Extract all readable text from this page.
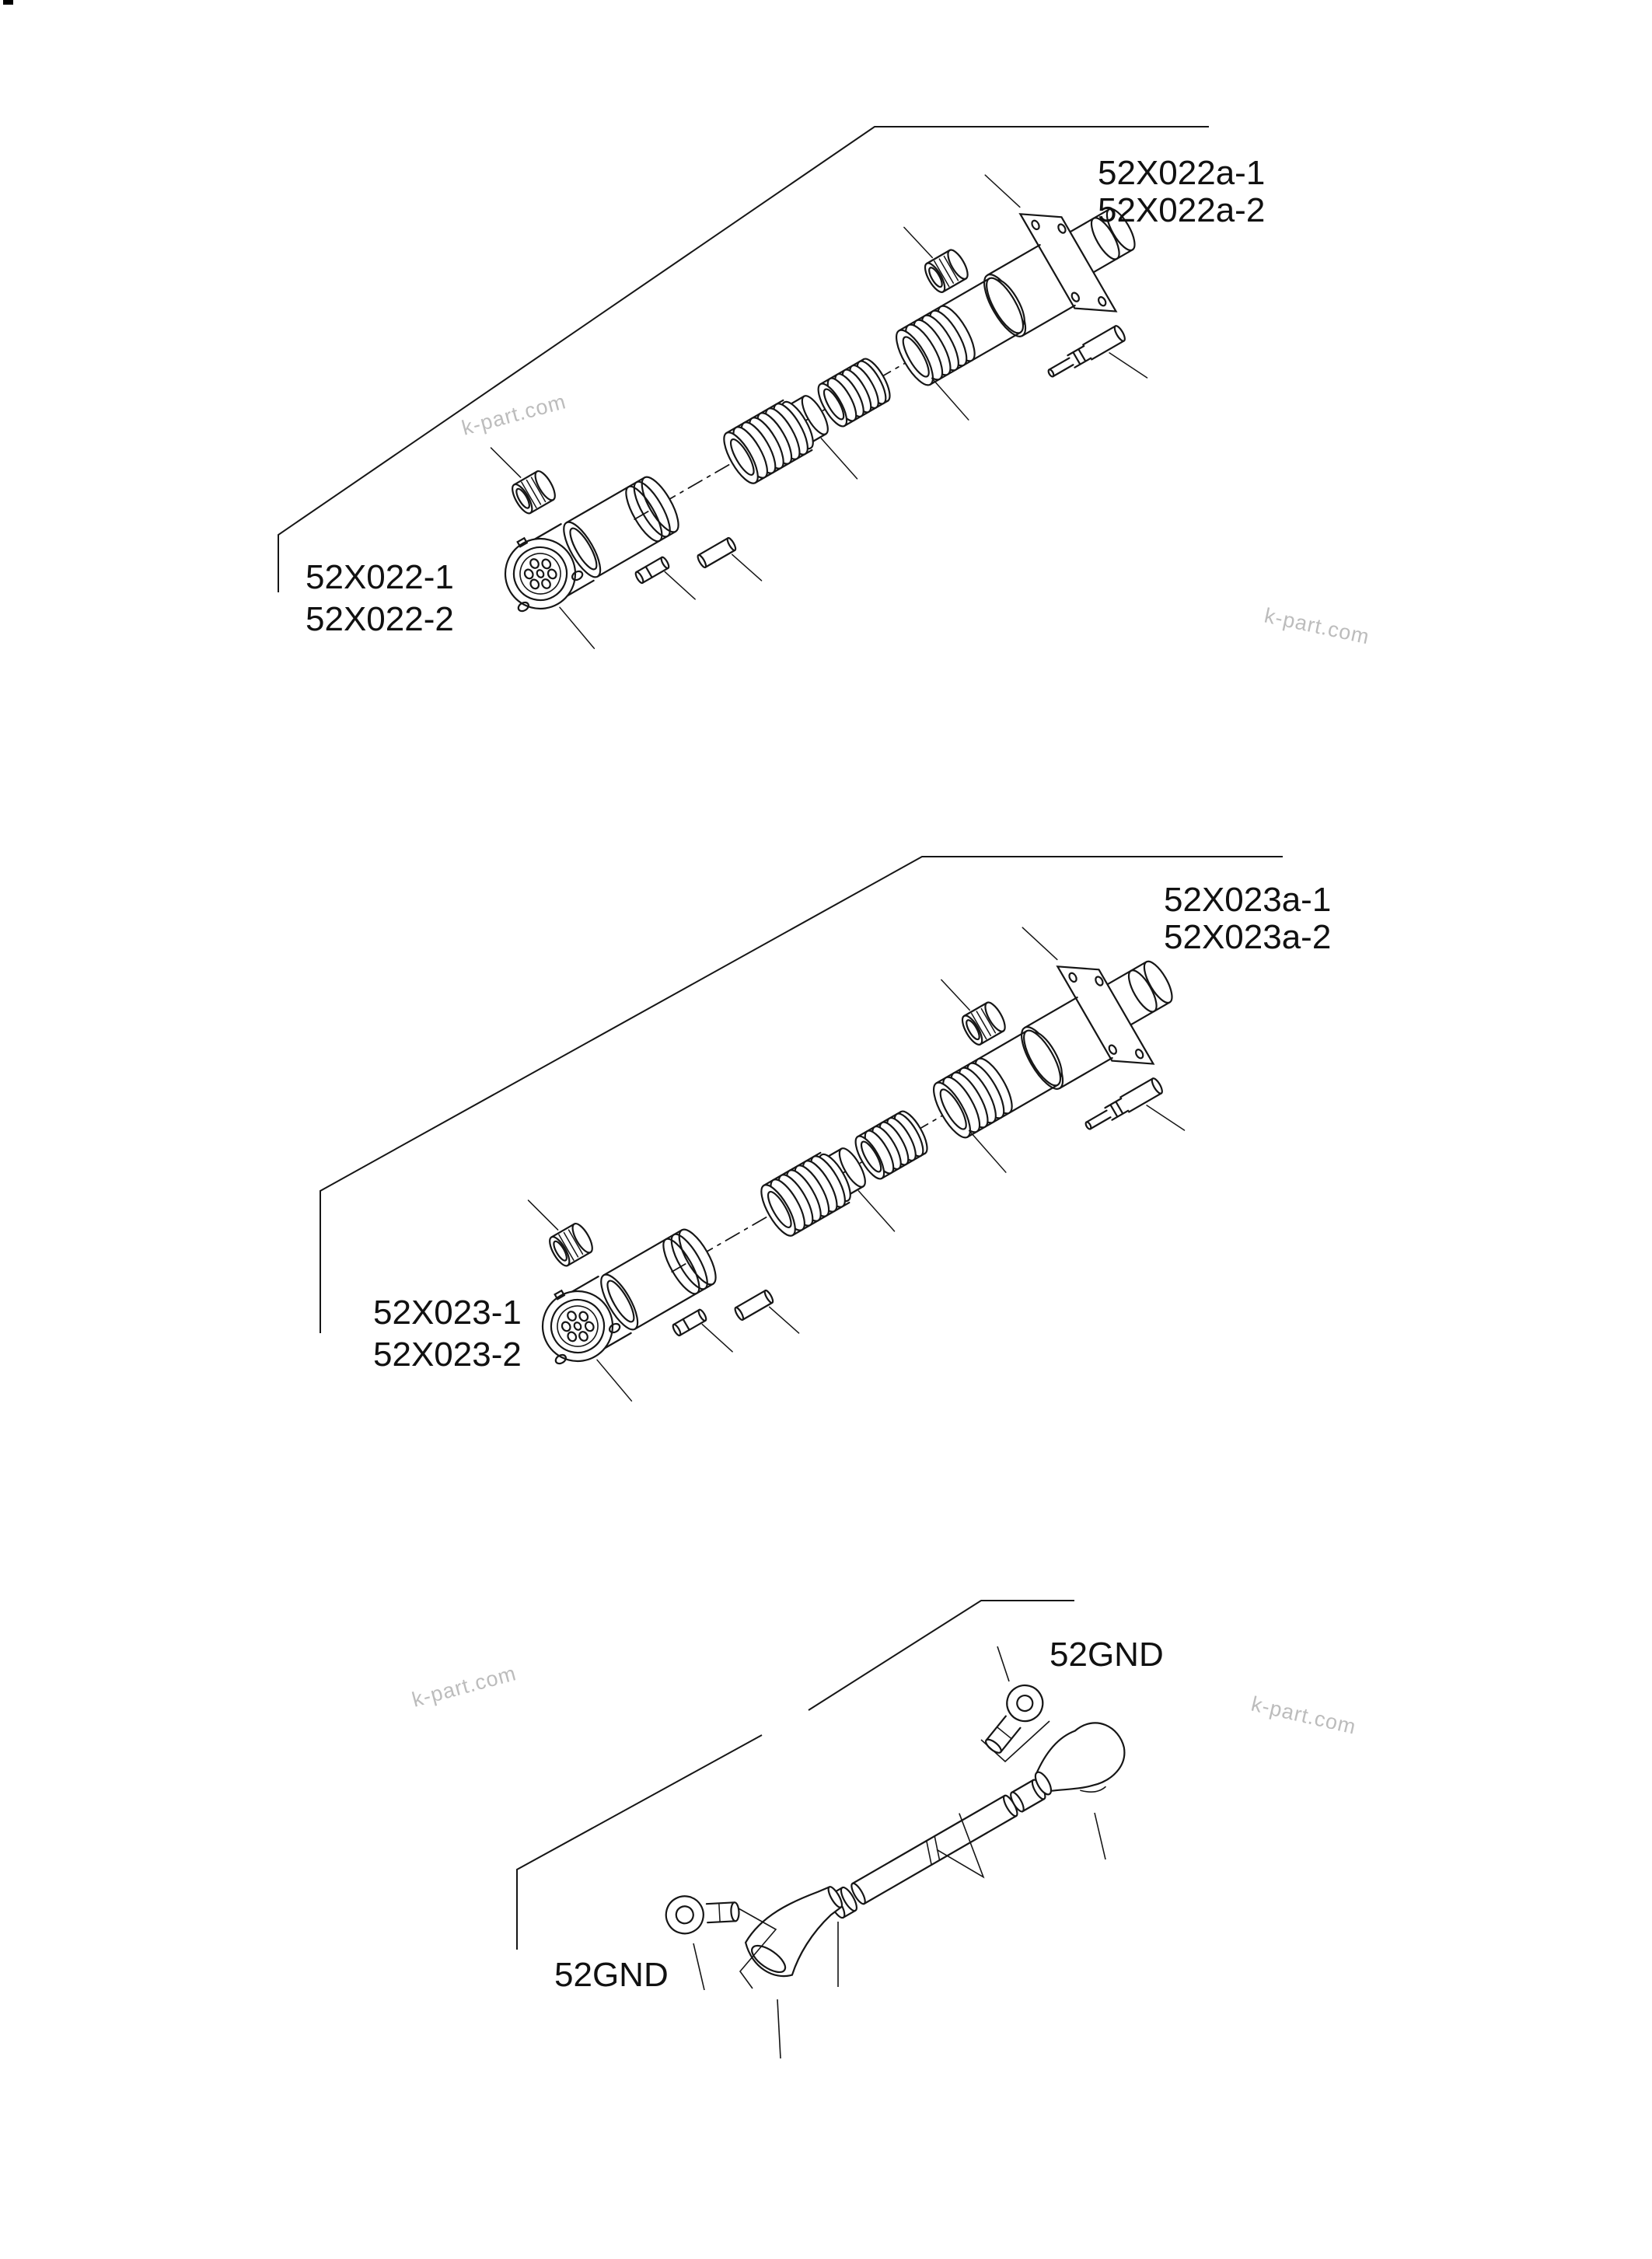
k-part.com
k-part.com
k-part.com
k-part.com
52X022a-1
52X022a-2
52X022-1
52X022-2
52X023a-1
52X023a-2
52X023-1
52X023-2
52GND
52GND
